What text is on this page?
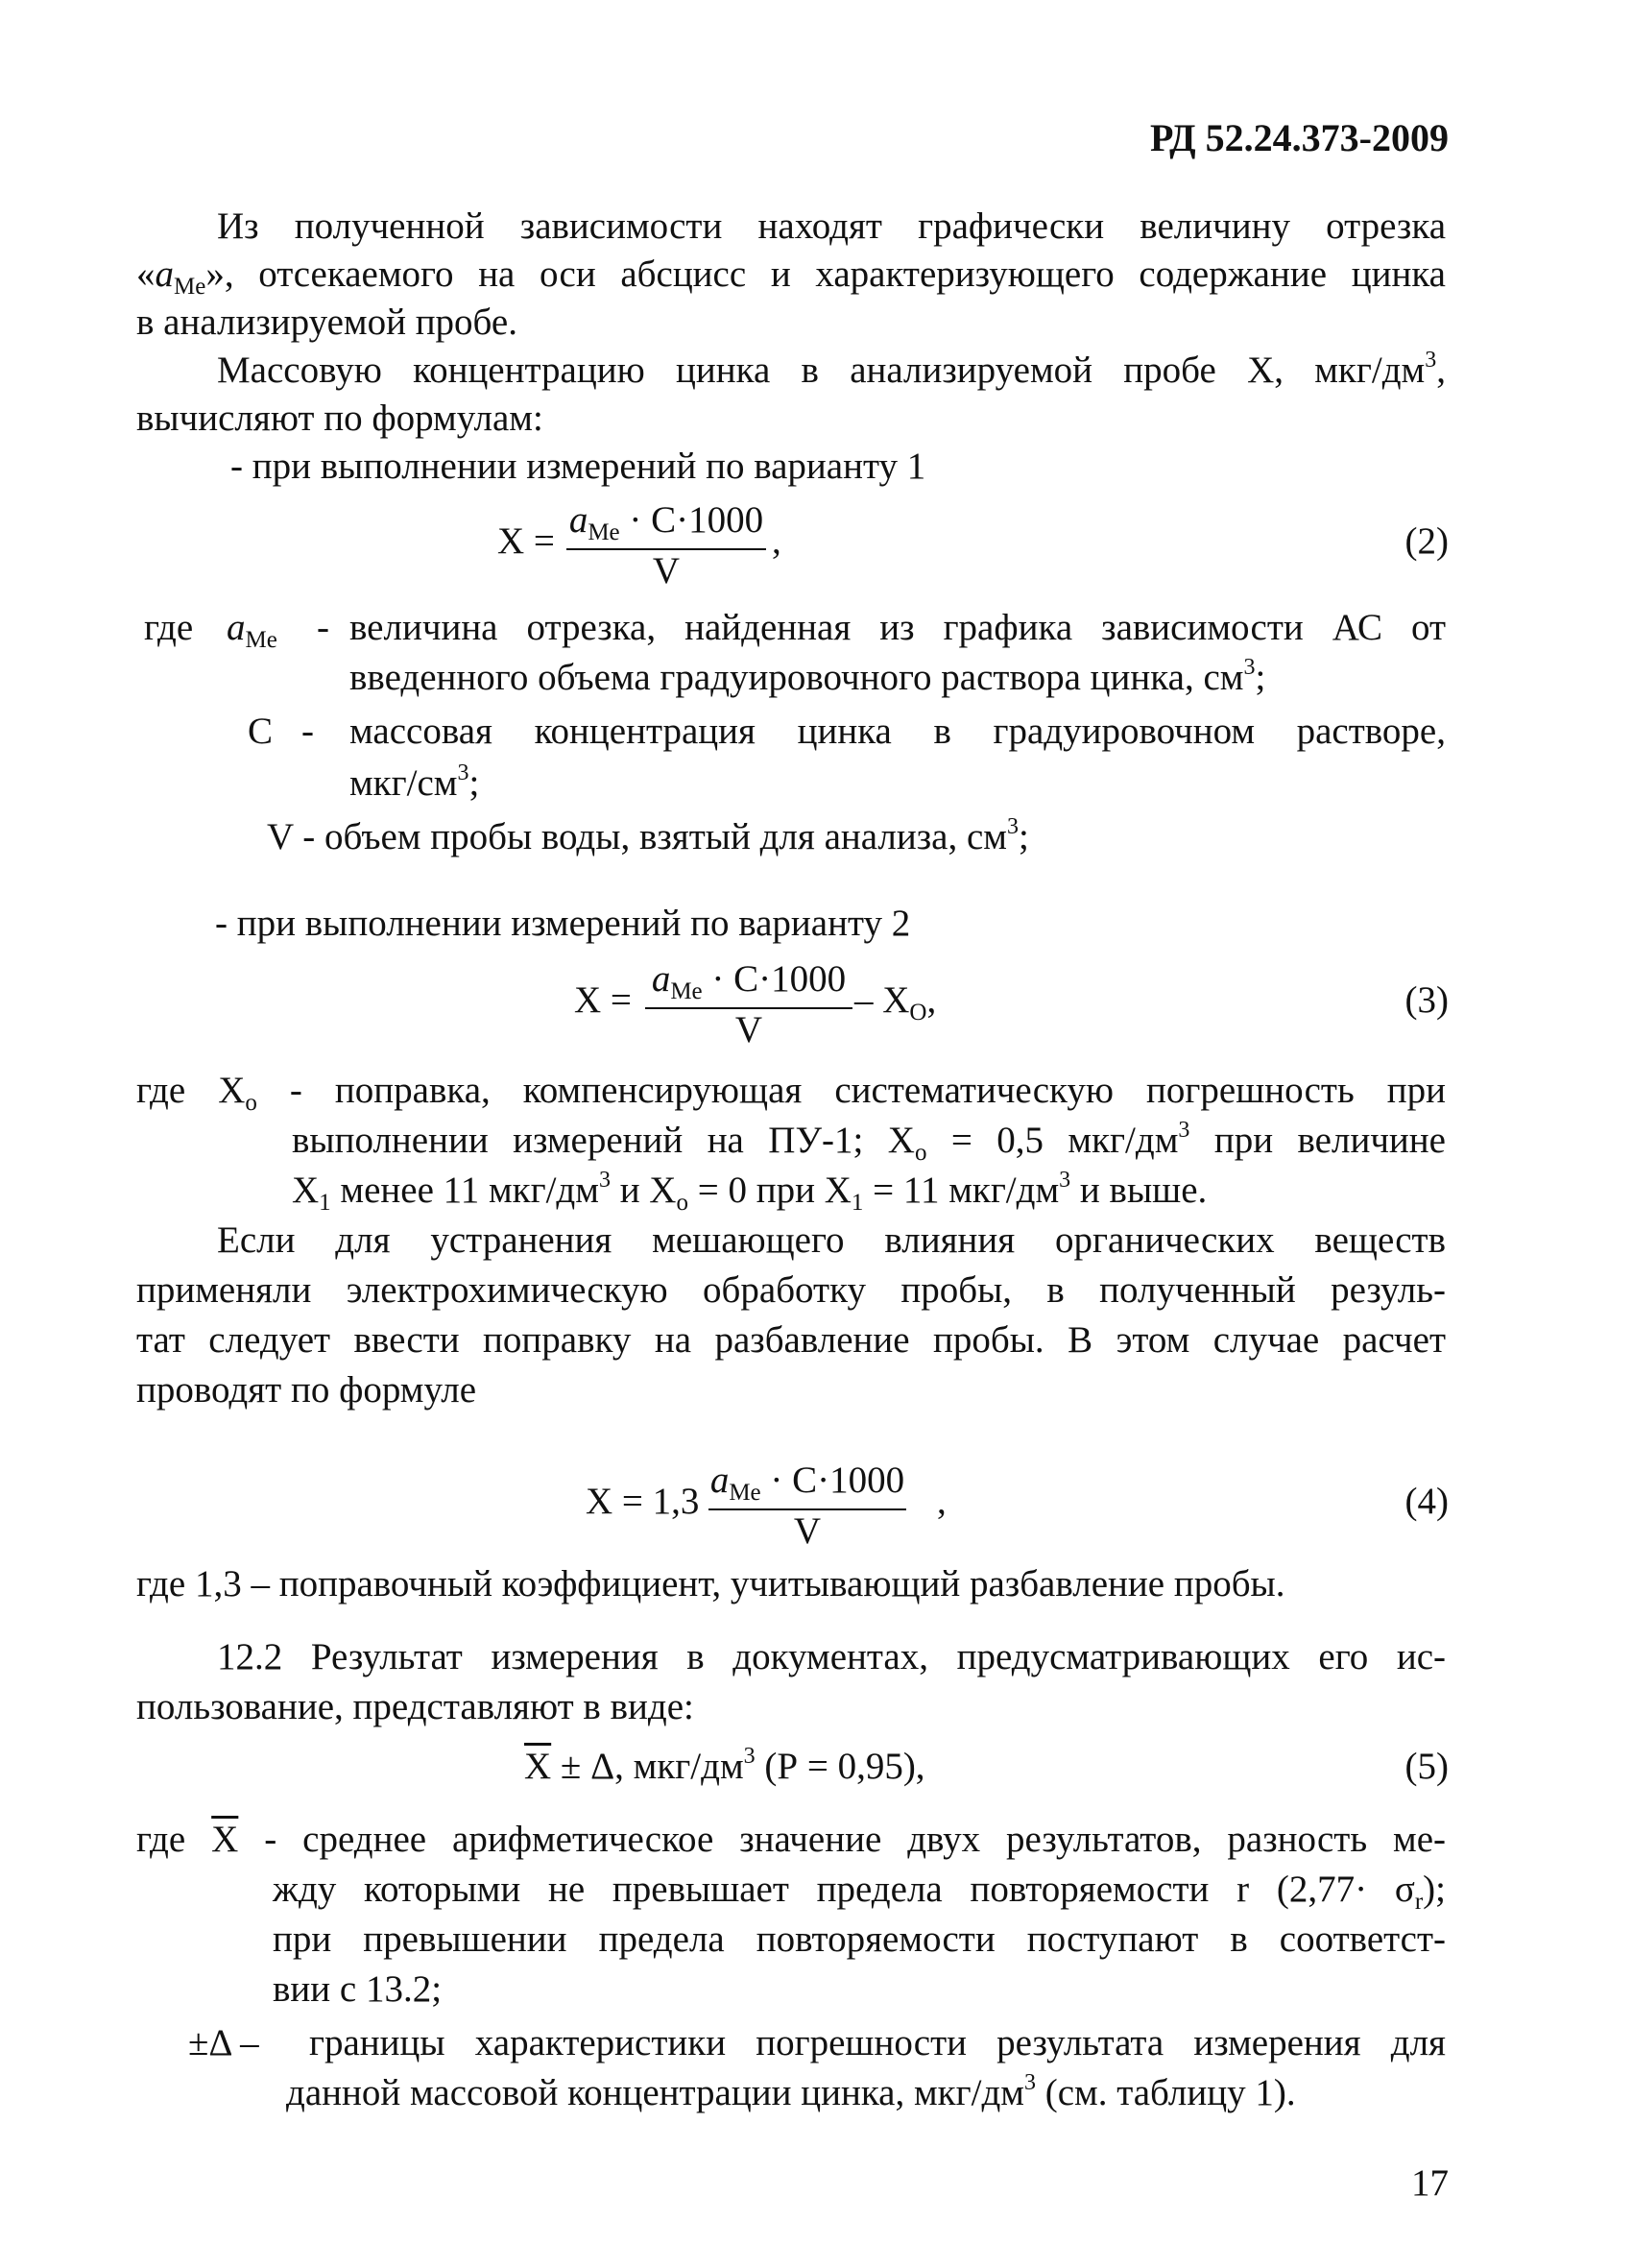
РД 52.24.373-2009
Из полученной зависимости находят графически величину отрезка
«$a_{Me}$», отсекаемого на оси абсцисс и характеризующего содержание цинка
в анализируемой пробе.
Массовую концентрацию цинка в анализируемой пробе X, мкг/$дм^3$,
вычисляют по формулам:
- при выполнении измерений по варианту 1
X =
$a_{Me} \cdot C\cdot 1000$
V
,	(2)
где $a_{Me}$ - величина отрезка, найденная из графика зависимости АС от
введенного объема градуировочного раствора цинка, $см^3$;
C - массовая концентрация цинка в градуировочном растворе,
мкг/$см^3$;
V - объем пробы воды, взятый для анализа, $см^3$;
- при выполнении измерений по варианту 2
X =
$a_{Me} \cdot C\cdot 1000$
V
– $X_O$,	(3)
где $X_о$ - поправка, компенсирующая систематическую погрешность при
выполнении измерений на ПУ-1; $X_о = 0,5$ мкг/$дм^3$ при величине
$X_1$ менее 11 мкг/$дм^3$ и $X_о = 0$ при $X_1 = 11$ мкг/$дм^3$ и выше.
Если для устранения мешающего влияния органических веществ
применяли электрохимическую обработку пробы, в полученный резуль-
тат следует ввести поправку на разбавление пробы. В этом случае расчет
проводят по формуле
X = 1,3
$a_{Me} \cdot C\cdot 1000$
V
,	(4)
где 1,3 – поправочный коэффициент, учитывающий разбавление пробы.
12.2 Результат измерения в документах, предусматривающих его ис-
пользование, представляют в виде:
$\overline{X} \pm \Delta$, мкг/$дм^3$ (Р = 0,95),	(5)
где $\overline{X}$ - среднее арифметическое значение двух результатов, разность ме-
жду которыми не превышает предела повторяемости r $(2,77\cdot \sigma_r)$;
при превышении предела повторяемости поступают в соответст-
вии с 13.2;
±Δ – границы характеристики погрешности результата измерения для
данной массовой концентрации цинка, мкг/$дм^3$ (см. таблицу 1).
17
